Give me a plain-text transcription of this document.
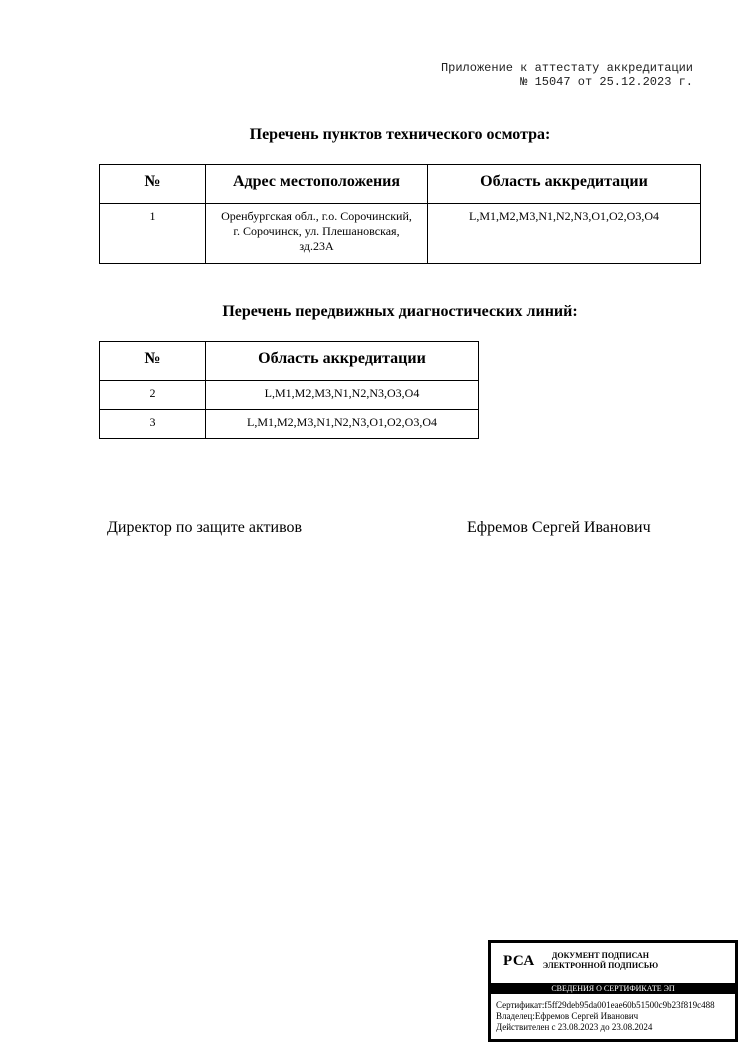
Приложение к аттестату аккредитации
№ 15047 от 25.12.2023 г.
Перечень пунктов технического осмотра:
№	Адрес местоположения	Область аккредитации
1	Оренбургская обл., г.о. Сорочинский,
г. Сорочинск, ул. Плешановская,
зд.23А	L,M1,M2,M3,N1,N2,N3,O1,O2,O3,O4
Перечень передвижных диагностических линий:
№	Область аккредитации
2	L,M1,M2,M3,N1,N2,N3,O3,O4
3	L,M1,M2,M3,N1,N2,N3,O1,O2,O3,O4
Директор по защите активов	Ефремов Сергей Иванович
РСА	ДОКУМЕНТ ПОДПИСАН
ЭЛЕКТРОННОЙ ПОДПИСЬЮ
СВЕДЕНИЯ О СЕРТИФИКАТЕ ЭП
Сертификат:f5ff29deb95da001eae60b51500c9b23f819c488
Владелец:Ефремов Сергей Иванович
Действителен с 23.08.2023 до 23.08.2024
